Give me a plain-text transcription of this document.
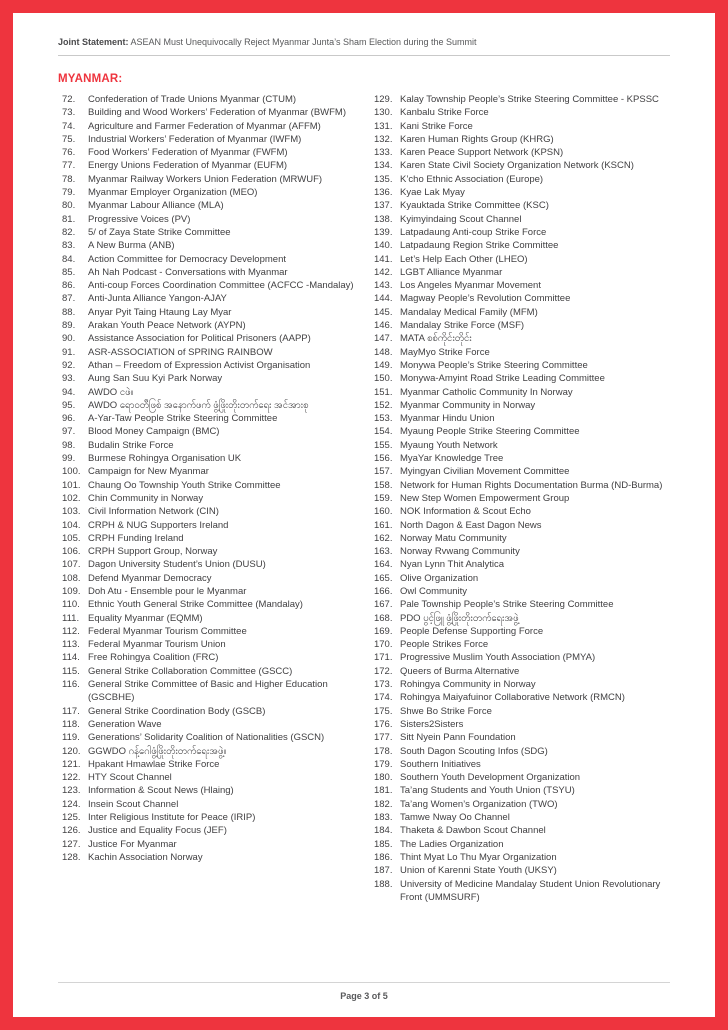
Joint Statement: ASEAN Must Unequivocally Reject Myanmar Junta’s Sham Election during the Summit
MYANMAR:
72.	Confederation of Trade Unions Myanmar (CTUM)
73.	Building and Wood Workers’ Federation of Myanmar (BWFM)
74.	Agriculture and Farmer Federation of Myanmar (AFFM)
75.	Industrial Workers’ Federation of Myanmar (IWFM)
76.	Food Workers’ Federation of Myanmar (FWFM)
77.	Energy Unions Federation of Myanmar (EUFM)
78.	Myanmar Railway Workers Union Federation (MRWUF)
79.	Myanmar Employer Organization (MEO)
80.	Myanmar Labour Alliance (MLA)
81.	Progressive Voices (PV)
82.	5/ of Zaya State Strike Committee
83.	A New Burma (ANB)
84.	Action Committee for Democracy Development
85.	Ah Nah Podcast - Conversations with Myanmar
86.	Anti-coup Forces Coordination Committee (ACFCC -Mandalay)
87.	Anti-Junta Alliance Yangon-AJAY
88.	Anyar Pyit Taing Htaung Lay Myar
89.	Arakan Youth Peace Network (AYPN)
90.	Assistance Association for Political Prisoners (AAPP)
91.	ASR-ASSOCIATION of SPRING RAINBOW
92.	Athan – Freedom of Expression Activist Organisation
93.	Aung San Suu Kyi Park Norway
94.	AWDO ငဖဲ။
95.	AWDO ရောဝတီဖြစ် အနောက်ဖက် ဖွံ့ဖြိုးတိုးတက်ရေး အင်အားစု
96.	A-Yar-Taw People Strike Steering Committee
97.	Blood Money Campaign (BMC)
98.	Budalin Strike Force
99.	Burmese Rohingya Organisation UK
100. Campaign for New Myanmar
101. Chaung Oo Township Youth Strike Committee
102. Chin Community in Norway
103. Civil Information Network (CIN)
104. CRPH & NUG Supporters Ireland
105. CRPH Funding Ireland
106. CRPH Support Group, Norway
107. Dagon University Student’s Union (DUSU)
108. Defend Myanmar Democracy
109. Doh Atu - Ensemble pour le Myanmar
110. Ethnic Youth General Strike Committee (Mandalay)
111. Equality Myanmar (EQMM)
112. Federal Myanmar Tourism Committee
113. Federal Myanmar Tourism Union
114. Free Rohingya Coalition (FRC)
115. General Strike Collaboration Committee (GSCC)
116. General Strike Committee of Basic and Higher Education (GSCBHE)
117. General Strike Coordination Body (GSCB)
118. Generation Wave
119. Generations’ Solidarity Coalition of Nationalities (GSCN)
120. GGWDO ဂန့်ဂေါဖွံ့ဖြိုးတိုးတက်ရေးအဖွဲ့။
121. Hpakant Hmawlae Strike Force
122. HTY Scout Channel
123. Information & Scout News (Hlaing)
124. Insein Scout Channel
125. Inter Religious Institute for Peace (IRIP)
126. Justice and Equality Focus (JEF)
127. Justice For Myanmar
128. Kachin Association Norway
129. Kalay Township People’s Strike Steering Committee - KPSSC
130. Kanbalu Strike Force
131. Kani Strike Force
132. Karen Human Rights Group (KHRG)
133. Karen Peace Support Network (KPSN)
134. Karen State Civil Society Organization Network (KSCN)
135. K’cho Ethnic Association (Europe)
136. Kyae Lak Myay
137. Kyauktada Strike Committee (KSC)
138. Kyimyindaing Scout Channel
139. Latpadaung Anti-coup Strike Force
140. Latpadaung Region Strike Committee
141. Let’s Help Each Other (LHEO)
142. LGBT Alliance Myanmar
143. Los Angeles Myanmar Movement
144. Magway People’s Revolution Committee
145. Mandalay Medical Family (MFM)
146. Mandalay Strike Force (MSF)
147. MATA စစ်ကိုင်းတိုင်း
148. MayMyo Strike Force
149. Monywa People’s Strike Steering Committee
150. Monywa-Amyint Road Strike Leading Committee
151. Myanmar Catholic Community In Norway
152. Myanmar Community in Norway
153. Myanmar Hindu Union
154. Myaung People Strike Steering Committee
155. Myaung Youth Network
156. MyaYar Knowledge Tree
157. Myingyan Civilian Movement Committee
158. Network for Human Rights Documentation Burma (ND-Burma)
159. New Step Women Empowerment Group
160. NOK Information & Scout Echo
161. North Dagon & East Dagon News
162. Norway Matu Community
163. Norway Rvwang Community
164. Nyan Lynn Thit Analytica
165. Olive Organization
166. Owl Community
167. Pale Township People’s Strike Steering Committee
168. PDO ပွင့်ဖြူ ဖွံ့ဖြိုးတိုးတက်ရေးအဖွဲ့
169. People Defense Supporting Force
170. People Strikes Force
171. Progressive Muslim Youth Association (PMYA)
172. Queers of Burma Alternative
173. Rohingya Community in Norway
174. Rohingya Maiyafuinor Collaborative Network (RMCN)
175. Shwe Bo Strike Force
176. Sisters2Sisters
177. Sitt Nyein Pann Foundation
178. South Dagon Scouting Infos (SDG)
179. Southern Initiatives
180. Southern Youth Development Organization
181. Ta’ang Students and Youth Union (TSYU)
182. Ta’ang Women’s Organization (TWO)
183. Tamwe Nway Oo Channel
184. Thaketa & Dawbon Scout Channel
185. The Ladies Organization
186. Thint Myat Lo Thu Myar Organization
187. Union of Karenni State Youth (UKSY)
188. University of Medicine Mandalay Student Union Revolutionary Front (UMMSURF)
Page 3 of 5
